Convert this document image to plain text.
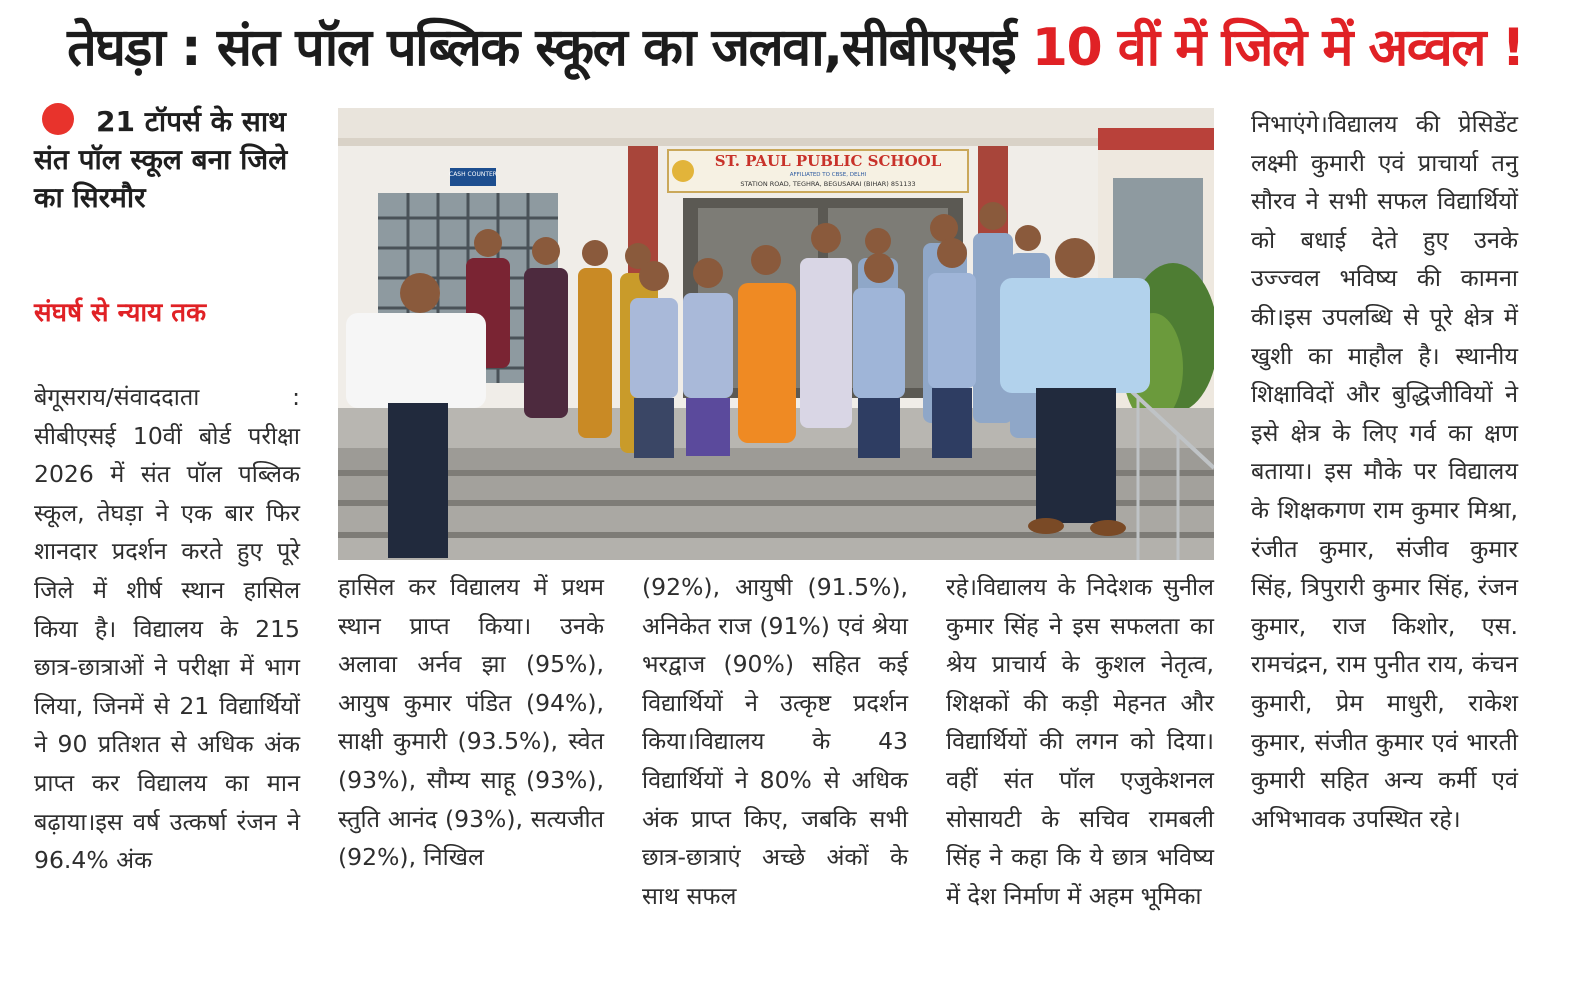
तेघड़ा : संत पॉल पब्लिक स्कूल का जलवा,सीबीएसई 10 वीं में जिले में अव्वल !
21 टॉपर्स के साथ संत पॉल स्कूल बना जिले का सिरमौर
संघर्ष से न्याय तक
बेगूसराय/संवाददाता : सीबीएसई 10वीं बोर्ड परीक्षा 2026 में संत पॉल पब्लिक स्कूल, तेघड़ा ने एक बार फिर शानदार प्रदर्शन करते हुए पूरे जिले में शीर्ष स्थान हासिल किया है। विद्यालय के 215 छात्र-छात्राओं ने परीक्षा में भाग लिया, जिनमें से 21 विद्यार्थियों ने 90 प्रतिशत से अधिक अंक प्राप्त कर विद्यालय का मान बढ़ाया।इस वर्ष उत्कर्षा रंजन ने 96.4% अंक
CASH COUNTER
ST. PAUL PUBLIC SCHOOL
AFFILIATED TO CBSE, DELHI
STATION ROAD, TEGHRA, BEGUSARAI (BIHAR) 851133
हासिल कर विद्यालय में प्रथम स्थान प्राप्त किया। उनके अलावा अर्नव झा (95%), आयुष कुमार पंडित (94%), साक्षी कुमारी (93.5%), स्वेत (93%), सौम्य साहू (93%), स्तुति आनंद (93%), सत्यजीत (92%), निखिल
(92%), आयुषी (91.5%), अनिकेत राज (91%) एवं श्रेया भरद्वाज (90%) सहित कई विद्यार्थियों ने उत्कृष्ट प्रदर्शन किया।विद्यालय के 43 विद्यार्थियों ने 80% से अधिक अंक प्राप्त किए, जबकि सभी छात्र-छात्राएं अच्छे अंकों के साथ सफल
रहे।विद्यालय के निदेशक सुनील कुमार सिंह ने इस सफलता का श्रेय प्राचार्य के कुशल नेतृत्व, शिक्षकों की कड़ी मेहनत और विद्यार्थियों की लगन को दिया। वहीं संत पॉल एजुकेशनल सोसायटी के सचिव रामबली सिंह ने कहा कि ये छात्र भविष्य में देश निर्माण में अहम भूमिका
निभाएंगे।विद्यालय की प्रेसिडेंट लक्ष्मी कुमारी एवं प्राचार्या तनु सौरव ने सभी सफल विद्यार्थियों को बधाई देते हुए उनके उज्ज्वल भविष्य की कामना की।इस उपलब्धि से पूरे क्षेत्र में खुशी का माहौल है। स्थानीय शिक्षाविदों और बुद्धिजीवियों ने इसे क्षेत्र के लिए गर्व का क्षण बताया। इस मौके पर विद्यालय के शिक्षकगण राम कुमार मिश्रा, रंजीत कुमार, संजीव कुमार सिंह, त्रिपुरारी कुमार सिंह, रंजन कुमार, राज किशोर, एस. रामचंद्रन, राम पुनीत राय, कंचन कुमारी, प्रेम माधुरी, राकेश कुमार, संजीत कुमार एवं भारती कुमारी सहित अन्य कर्मी एवं अभिभावक उपस्थित रहे।
